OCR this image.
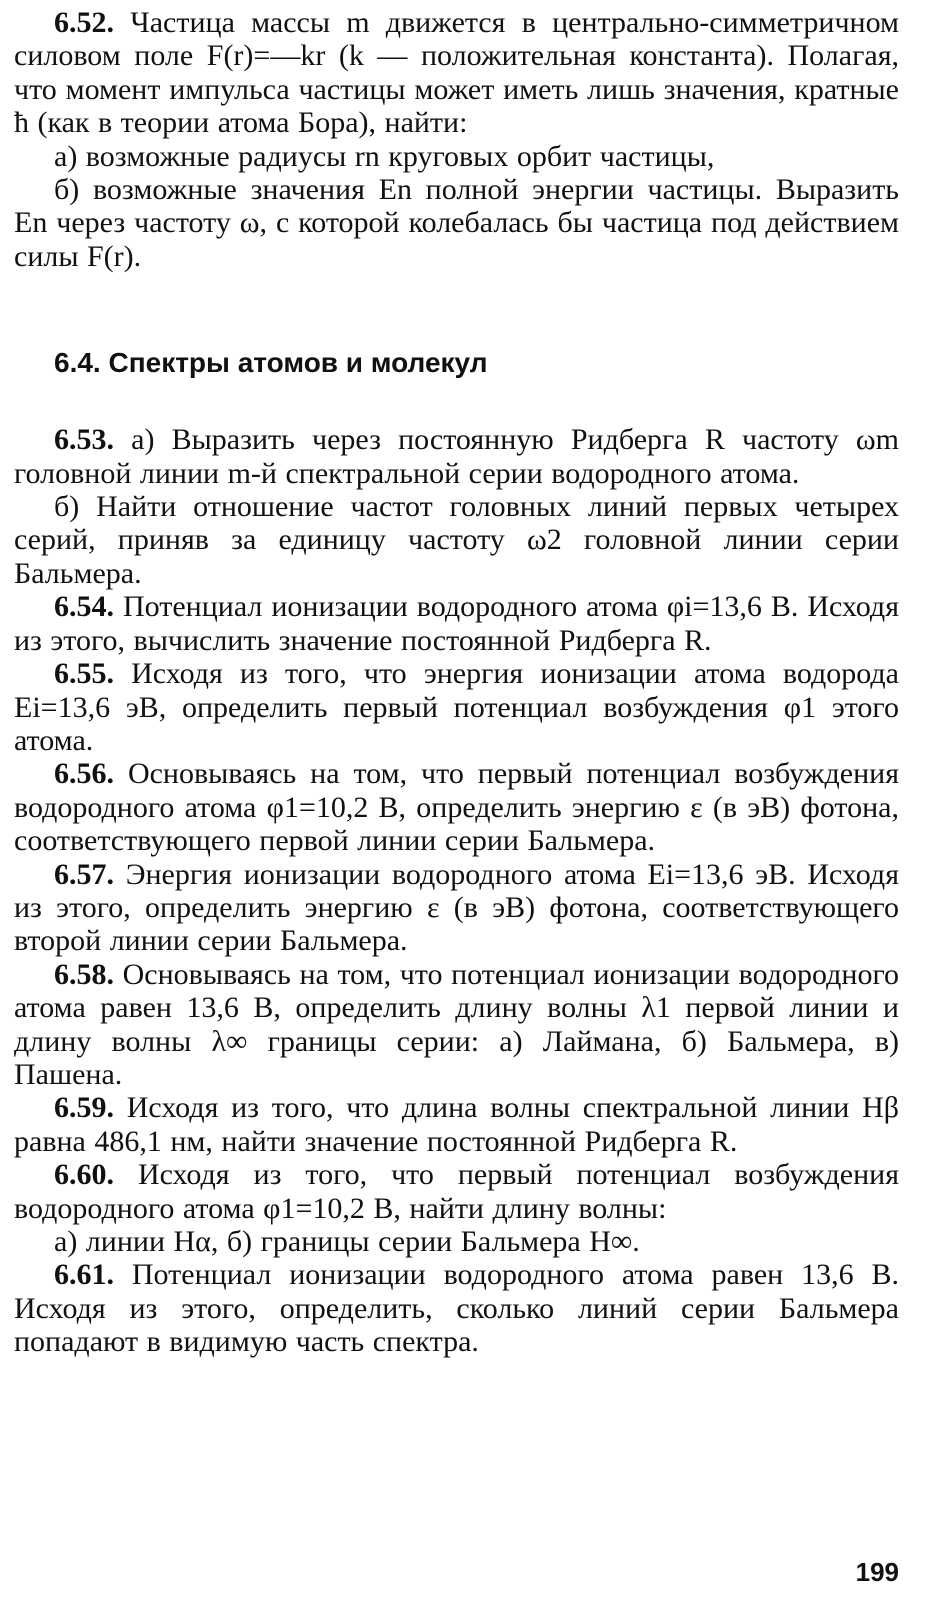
6.52. Частица массы m движется в центрально-симметричном силовом поле F(r)=—kr (k — положительная константа). Полагая, что момент импульса частицы может иметь лишь значения, кратные ħ (как в теории атома Бора), найти:

а) возможные радиусы rn круговых орбит частицы,

б) возможные значения En полной энергии частицы. Выразить En через частоту ω, с которой колебалась бы частица под действием силы F(r).

6.4. Спектры атомов и молекул

6.53. а) Выразить через постоянную Ридберга R частоту ωm головной линии m-й спектральной серии водородного атома.

б) Найти отношение частот головных линий первых четырех серий, приняв за единицу частоту ω2 головной линии серии Бальмера.

6.54. Потенциал ионизации водородного атома φi=13,6 В. Исходя из этого, вычислить значение постоянной Ридберга R.

6.55. Исходя из того, что энергия ионизации атома водорода Ei=13,6 эВ, определить первый потенциал возбуждения φ1 этого атома.

6.56. Основываясь на том, что первый потенциал возбуждения водородного атома φ1=10,2 В, определить энергию ε (в эВ) фотона, соответствующего первой линии серии Бальмера.

6.57. Энергия ионизации водородного атома Ei=13,6 эВ. Исходя из этого, определить энергию ε (в эВ) фотона, соответствующего второй линии серии Бальмера.

6.58. Основываясь на том, что потенциал ионизации водородного атома равен 13,6 В, определить длину волны λ1 первой линии и длину волны λ∞ границы серии: а) Лаймана, б) Бальмера, в) Пашена.

6.59. Исходя из того, что длина волны спектральной линии Hβ равна 486,1 нм, найти значение постоянной Ридберга R.

6.60. Исходя из того, что первый потенциал возбуждения водородного атома φ1=10,2 В, найти длину волны:

а) линии Hα, б) границы серии Бальмера H∞.

6.61. Потенциал ионизации водородного атома равен 13,6 В. Исходя из этого, определить, сколько линий серии Бальмера попадают в видимую часть спектра.

199
